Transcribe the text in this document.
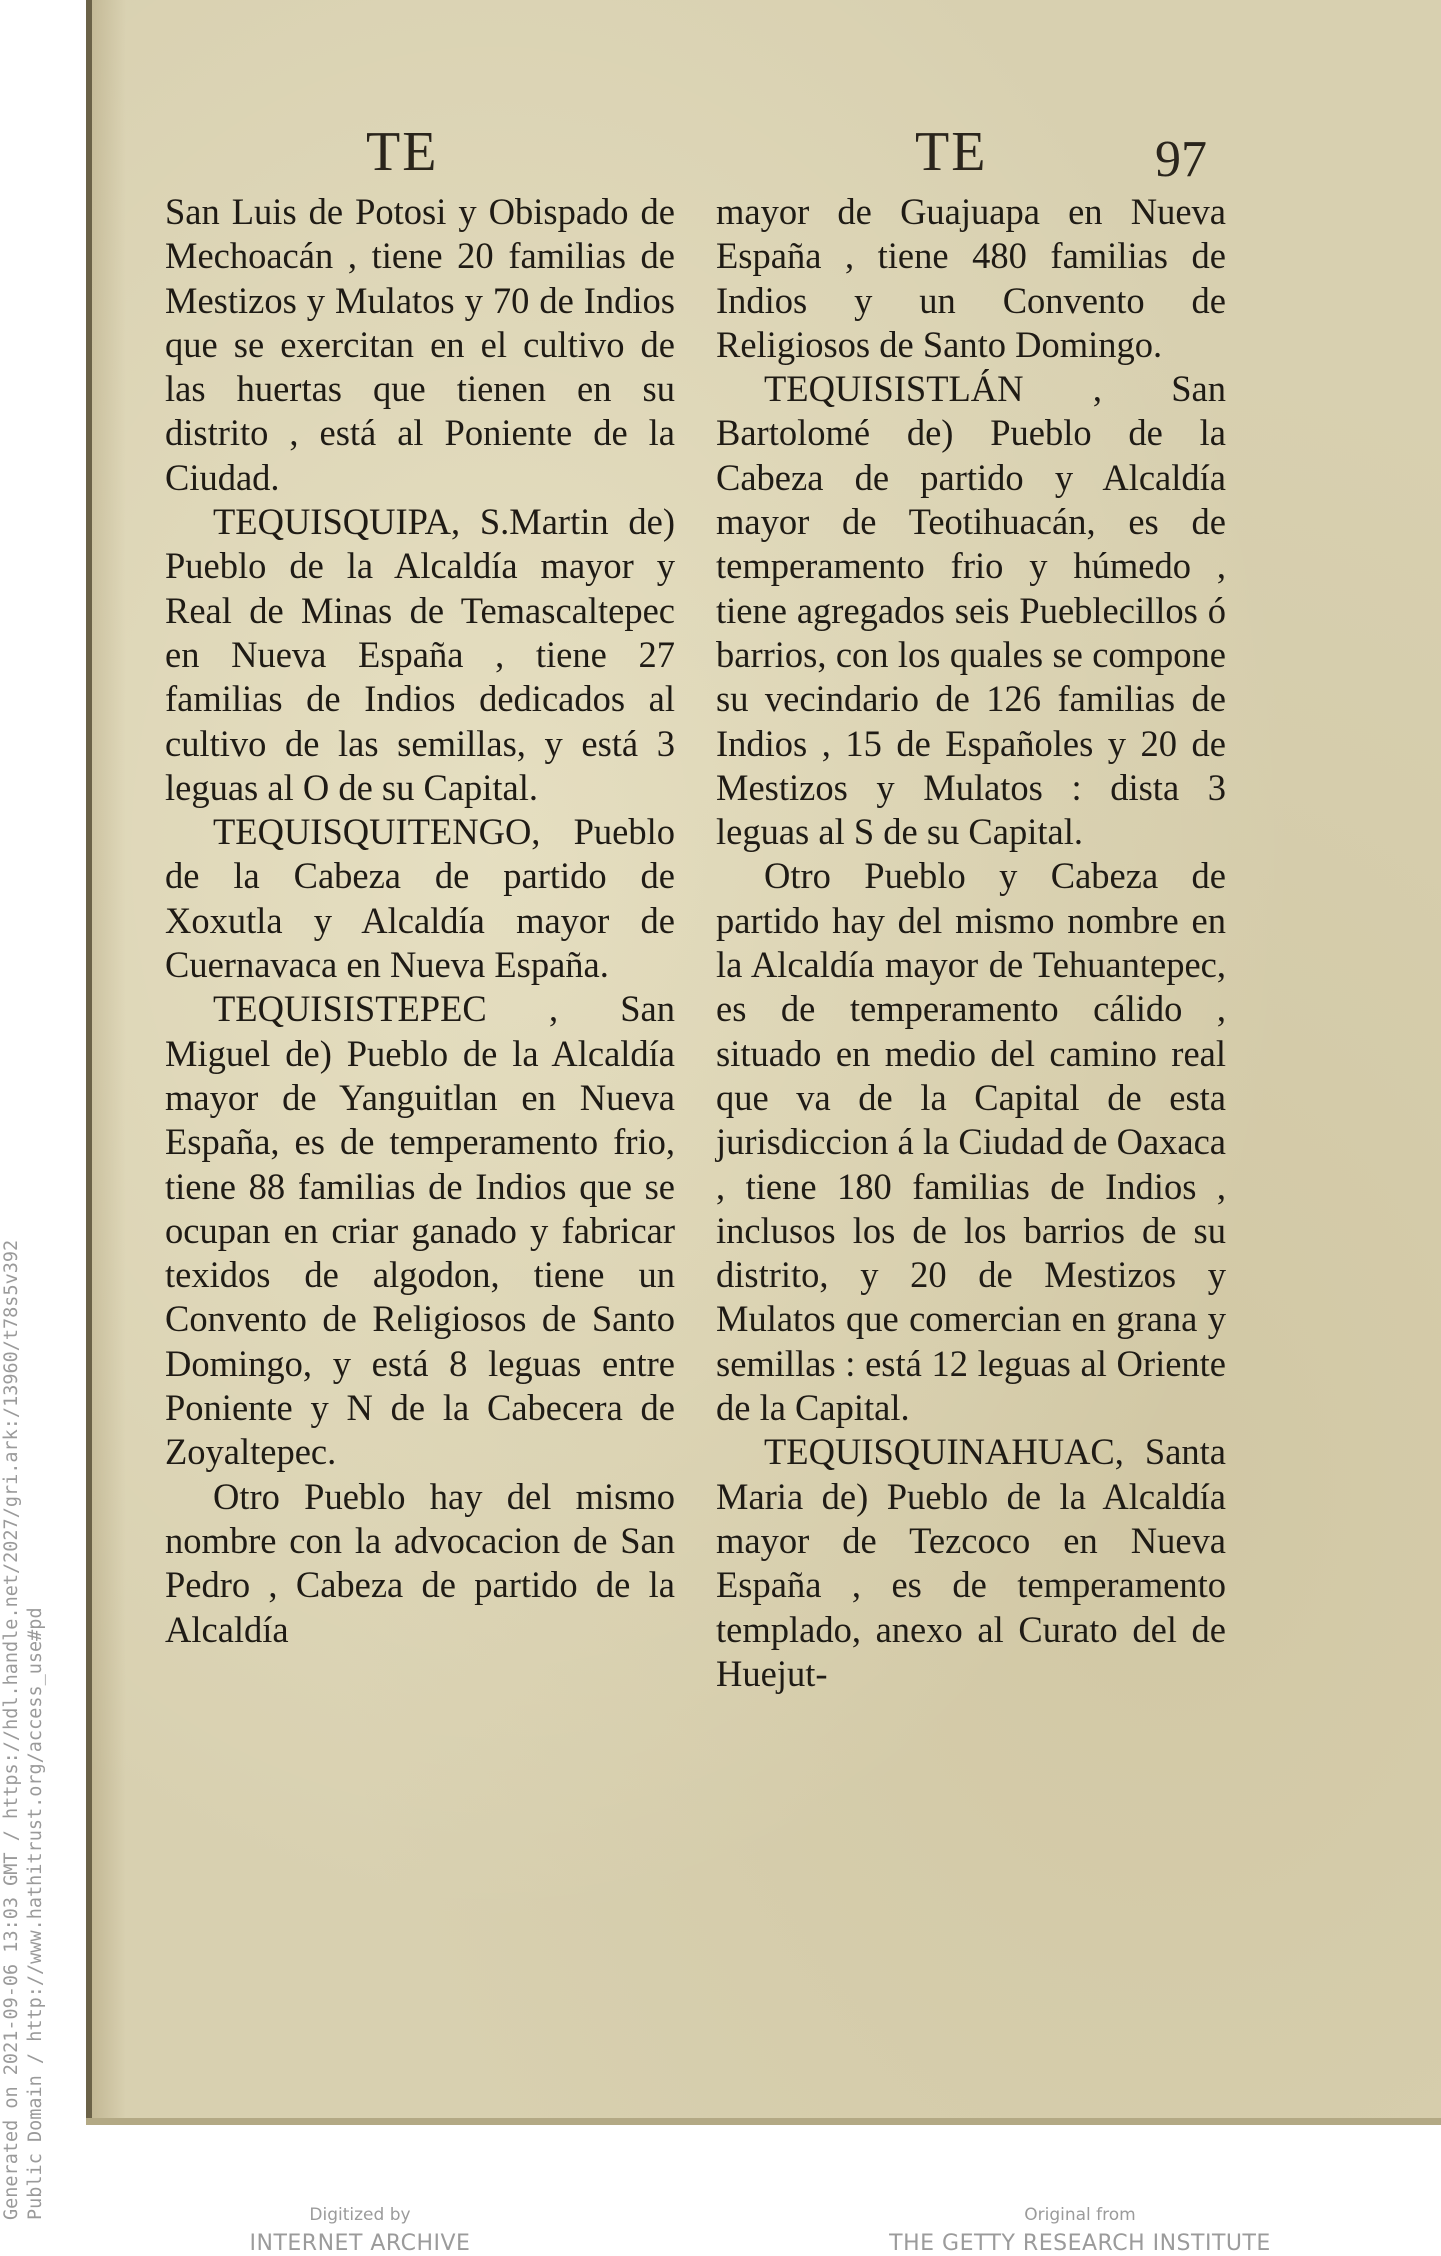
TE	TE	97

San Luis de Potosi y Obispado de Mechoacán , tiene 20 familias de Mestizos y Mulatos y 70 de Indios que se exercitan en el cultivo de las huertas que tienen en su distrito , está al Poniente de la Ciudad.

TEQUISQUIPA, S.Martin de) Pueblo de la Alcaldía mayor y Real de Minas de Temascaltepec en Nueva España , tiene 27 familias de Indios dedicados al cultivo de las semillas, y está 3 leguas al O de su Capital.

TEQUISQUITENGO, Pueblo de la Cabeza de partido de Xoxutla y Alcaldía mayor de Cuernavaca en Nueva España.

TEQUISISTEPEC , San Miguel de) Pueblo de la Alcaldía mayor de Yanguitlan en Nueva España, es de temperamento frio, tiene 88 familias de Indios que se ocupan en criar ganado y fabricar texidos de algodon, tiene un Convento de Religiosos de Santo Domingo, y está 8 leguas entre Poniente y N de la Cabecera de Zoyaltepec.

Otro Pueblo hay del mismo nombre con la advocacion de San Pedro , Cabeza de partido de la Alcaldía

mayor de Guajuapa en Nueva España , tiene 480 familias de Indios y un Convento de Religiosos de Santo Domingo.

TEQUISISTLÁN , San Bartolomé de) Pueblo de la Cabeza de partido y Alcaldía mayor de Teotihuacán, es de temperamento frio y húmedo , tiene agregados seis Pueblecillos ó barrios, con los quales se compone su vecindario de 126 familias de Indios , 15 de Españoles y 20 de Mestizos y Mulatos : dista 3 leguas al S de su Capital.

Otro Pueblo y Cabeza de partido hay del mismo nombre en la Alcaldía mayor de Tehuantepec, es de temperamento cálido , situado en medio del camino real que va de la Capital de esta jurisdiccion á la Ciudad de Oaxaca , tiene 180 familias de Indios , inclusos los de los barrios de su distrito, y 20 de Mestizos y Mulatos que comercian en grana y semillas : está 12 leguas al Oriente de la Capital.

TEQUISQUINAHUAC, Santa Maria de) Pueblo de la Alcaldía mayor de Tezcoco en Nueva España , es de temperamento templado, anexo al Curato del de Huejut-

Generated on 2021-09-06 13:03 GMT / https://hdl.handle.net/2027/gri.ark:/13960/t78s5v392 Public Domain / http://www.hathitrust.org/access_use#pd	Digitized by
INTERNET ARCHIVE
Original from
THE GETTY RESEARCH INSTITUTE
